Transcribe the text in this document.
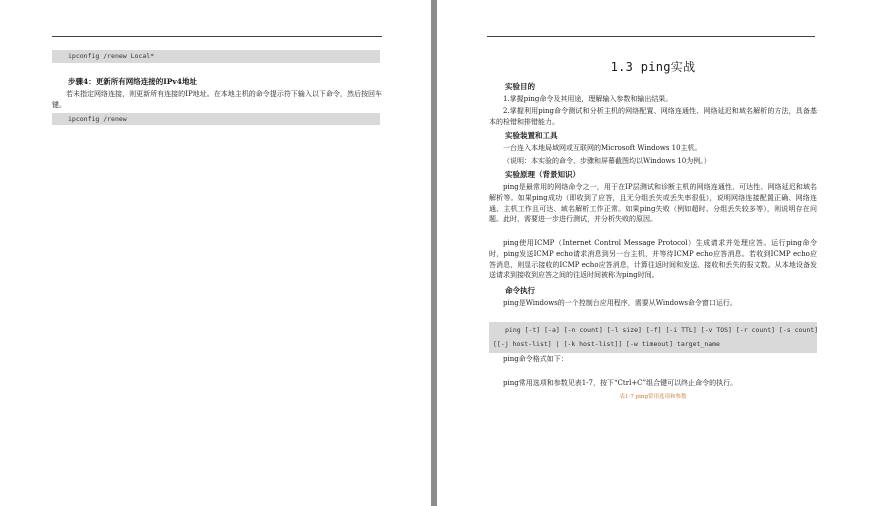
ipconfig /renew Local*
步骤4：更新所有网络连接的IPv4地址

若未指定网络连接，则更新所有连接的IP地址。在本地主机的命令提示符下输入以下命令，然后按回车键。

ipconfig /renew
1.3 ping实战
实验目的

1.掌握ping命令及其用途，理解输入参数和输出结果。

2.掌握利用ping命令测试和分析主机的网络配置、网络连通性、网络延迟和域名解析的方法，具备基本的检错和排错能力。

实验装置和工具

一台连入本地局域网或互联网的Microsoft Windows 10主机。

（说明：本实验的命令、步骤和屏幕截图均以Windows 10为例。）

实验原理（背景知识）

ping是最常用的网络命令之一，用于在IP层测试和诊断主机的网络连通性、可达性、网络延迟和域名解析等。如果ping成功（即收到了应答，且无分组丢失或丢失率很低），说明网络连接配置正确、网络连通、主机工作且可达、域名解析工作正常。如果ping失败（例如超时、分组丢失较多等），则说明存在问题。此时，需要进一步进行测试，并分析失败的原因。

ping使用ICMP（Internet Control Message Protocol）生成请求并处理应答。运行ping命令时，ping发送ICMP echo请求消息到另一台主机，并等待ICMP echo应答消息。若收到ICMP echo应答消息，则显示接收的ICMP echo应答消息，计算往返时间和发送、接收和丢失的报文数。从本地设备发送请求到接收到应答之间的往返时间被称为ping时间。

命令执行

ping是Windows的一个控制台应用程序，需要从Windows命令窗口运行。

ping [-t] [-a] [-n count] [-l size] [-f] [-i TTL] [-v TOS] [-r count] [-s count]
[[-j host-list] | [-k host-list]] [-w timeout] target_name

ping命令格式如下：

ping常用选项和参数见表1-7，按下“Ctrl+C”组合键可以终止命令的执行。

表1-7 ping常用选项和参数
